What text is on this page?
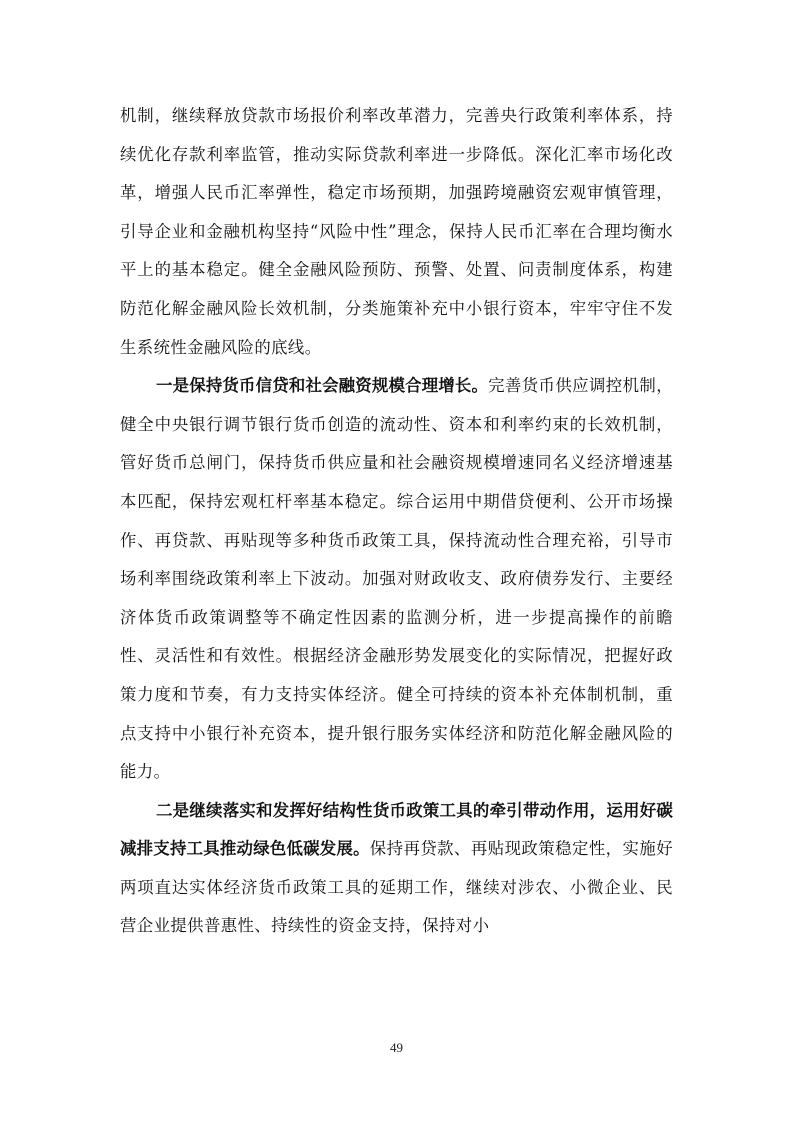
机制，继续释放贷款市场报价利率改革潜力，完善央行政策利率体系，持续优化存款利率监管，推动实际贷款利率进一步降低。深化汇率市场化改革，增强人民币汇率弹性，稳定市场预期，加强跨境融资宏观审慎管理，引导企业和金融机构坚持“风险中性”理念，保持人民币汇率在合理均衡水平上的基本稳定。健全金融风险预防、预警、处置、问责制度体系，构建防范化解金融风险长效机制，分类施策补充中小银行资本，牢牢守住不发生系统性金融风险的底线。

一是保持货币信贷和社会融资规模合理增长。完善货币供应调控机制，健全中央银行调节银行货币创造的流动性、资本和利率约束的长效机制，管好货币总闸门，保持货币供应量和社会融资规模增速同名义经济增速基本匹配，保持宏观杠杆率基本稳定。综合运用中期借贷便利、公开市场操作、再贷款、再贴现等多种货币政策工具，保持流动性合理充裕，引导市场利率围绕政策利率上下波动。加强对财政收支、政府债券发行、主要经济体货币政策调整等不确定性因素的监测分析，进一步提高操作的前瞻性、灵活性和有效性。根据经济金融形势发展变化的实际情况，把握好政策力度和节奏，有力支持实体经济。健全可持续的资本补充体制机制，重点支持中小银行补充资本，提升银行服务实体经济和防范化解金融风险的能力。

二是继续落实和发挥好结构性货币政策工具的牵引带动作用，运用好碳减排支持工具推动绿色低碳发展。保持再贷款、再贴现政策稳定性，实施好两项直达实体经济货币政策工具的延期工作，继续对涉农、小微企业、民营企业提供普惠性、持续性的资金支持，保持对小

49
